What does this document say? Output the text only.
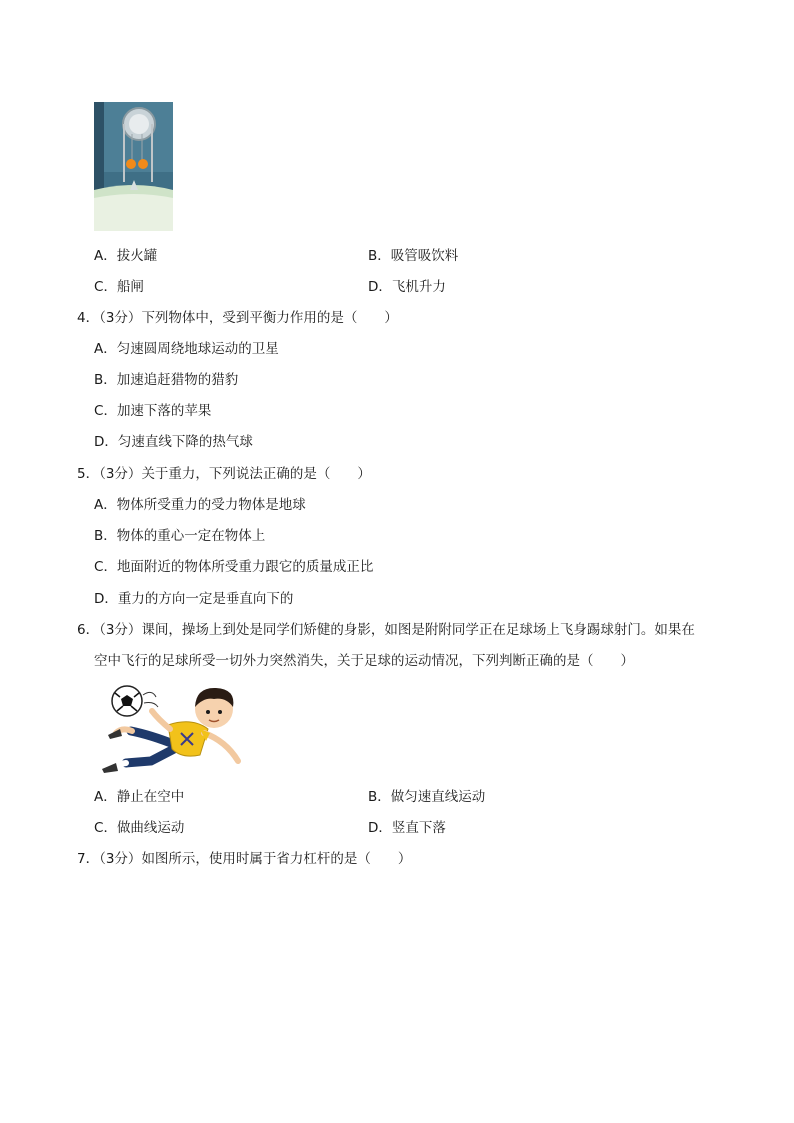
A．拔火罐	B．吸管吸饮料
C．船闸	D．飞机升力
4．（3分）下列物体中，受到平衡力作用的是（　　）
A．匀速圆周绕地球运动的卫星
B．加速追赶猎物的猎豹
C．加速下落的苹果
D．匀速直线下降的热气球
5．（3分）关于重力，下列说法正确的是（　　）
A．物体所受重力的受力物体是地球
B．物体的重心一定在物体上
C．地面附近的物体所受重力跟它的质量成正比
D．重力的方向一定是垂直向下的
6．（3分）课间，操场上到处是同学们矫健的身影，如图是附附同学正在足球场上飞身踢球射门。如果在
空中飞行的足球所受一切外力突然消失，关于足球的运动情况，下列判断正确的是（　　）
A．静止在空中	B．做匀速直线运动
C．做曲线运动	D．竖直下落
7．（3分）如图所示，使用时属于省力杠杆的是（　　）
